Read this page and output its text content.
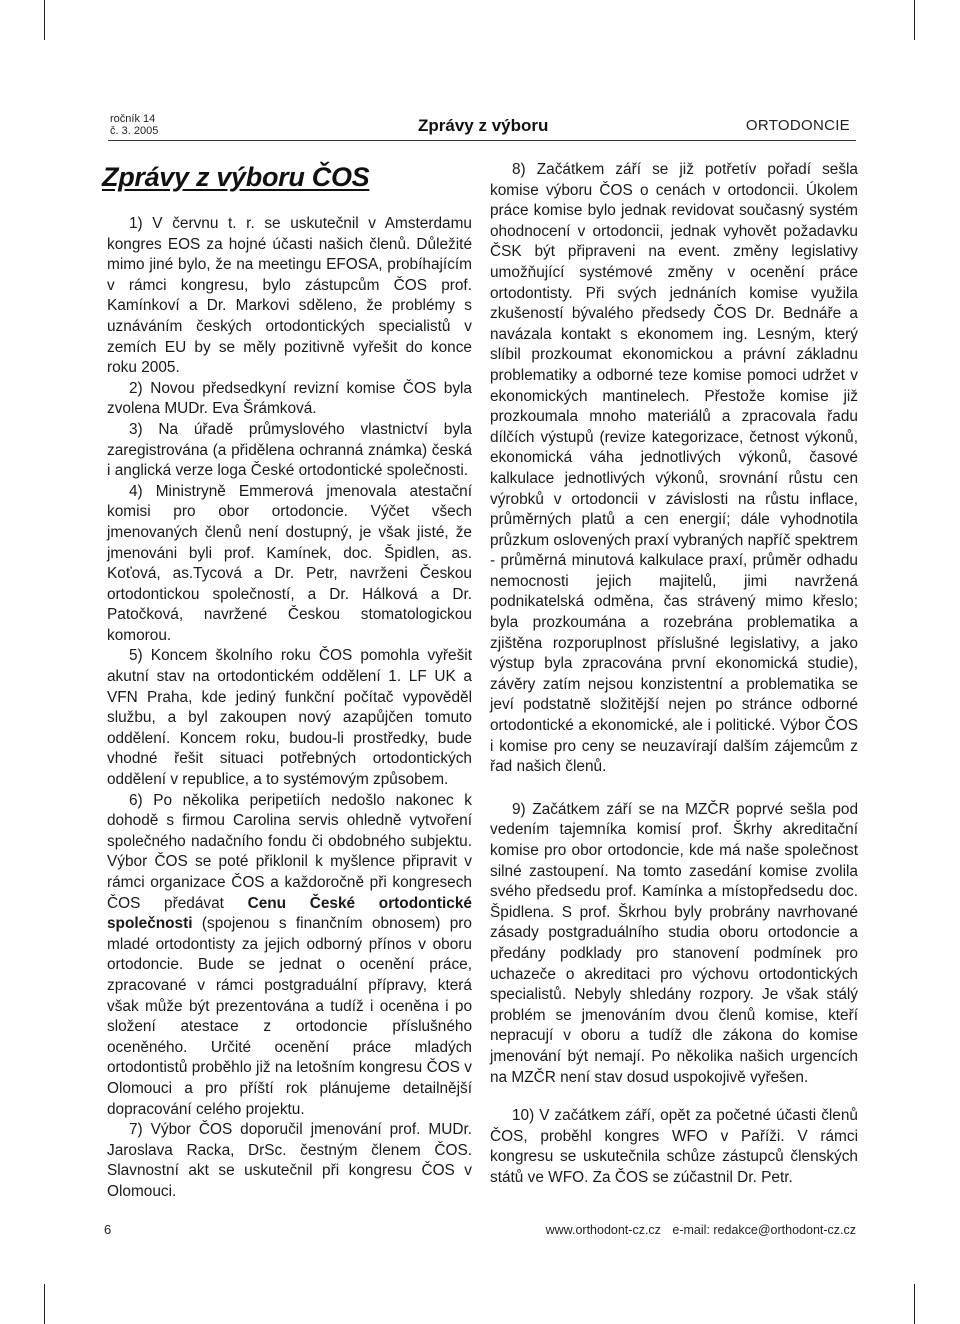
ročník 14
č. 3. 2005	Zprávy z výboru	ORTODONCIE
Zprávy z výboru ČOS

1) V červnu t. r. se uskutečnil v Amsterdamu kongres EOS za hojné účasti našich členů. Důležité mimo jiné bylo, že na meetingu EFOSA, probíhajícím v rámci kongresu, bylo zástupcům ČOS prof. Kamínkoví a Dr. Markovi sděleno, že problémy s uznáváním českých ortodontických specialistů v zemích EU by se měly pozitivně vyřešit do konce roku 2005.

2) Novou předsedkyní revizní komise ČOS byla zvolena MUDr. Eva Šrámková.

3) Na úřadě průmyslového vlastnictví byla zaregistrována (a přidělena ochranná známka) česká i anglická verze loga České ortodontické společnosti.

4) Ministryně Emmerová jmenovala atestační komisi pro obor ortodoncie. Výčet všech jmenovaných členů není dostupný, je však jisté, že jmenováni byli prof. Kamínek, doc. Špidlen, as. Koťová, as.Tycová a Dr. Petr, navrženi Českou ortodontickou společností, a Dr. Hálková a Dr. Patočková, navržené Českou stomatologickou komorou.

5) Koncem školního roku ČOS pomohla vyřešit akutní stav na ortodontickém oddělení 1. LF UK a VFN Praha, kde jediný funkční počítač vypověděl službu, a byl zakoupen nový azapůjčen tomuto oddělení. Koncem roku, budou-li prostředky, bude vhodné řešit situaci potřebných ortodontických oddělení v republice, a to systémovým způsobem.

6) Po několika peripetiích nedošlo nakonec k dohodě s firmou Carolina servis ohledně vytvoření společného nadačního fondu či obdobného subjektu. Výbor ČOS se poté přiklonil k myšlence připravit v rámci organizace ČOS a každoročně při kongresech ČOS předávat Cenu České ortodontické společnosti (spojenou s finančním obnosem) pro mladé ortodontisty za jejich odborný přínos v oboru ortodoncie. Bude se jednat o ocenění práce, zpracované v rámci postgraduální přípravy, která však může být prezentována a tudíž i oceněna i po složení atestace z ortodoncie příslušného oceněného. Určité ocenění práce mladých ortodontistů proběhlo již na letošním kongresu ČOS v Olomouci a pro příští rok plánujeme detailnější dopracování celého projektu.

7) Výbor ČOS doporučil jmenování prof. MUDr. Jaroslava Racka, DrSc. čestným členem ČOS. Slavnostní akt se uskutečnil při kongresu ČOS v Olomouci.

8) Začátkem září se již potřetív pořadí sešla komise výboru ČOS o cenách v ortodoncii. Úkolem práce komise bylo jednak revidovat současný systém ohodnocení v ortodoncii, jednak vyhovět požadavku ČSK být připraveni na event. změny legislativy umožňující systémové změny v ocenění práce ortodontisty. Při svých jednáních komise využila zkušeností bývalého předsedy ČOS Dr. Bednáře a navázala kontakt s ekonomem ing. Lesným, který slíbil prozkoumat ekonomickou a právní základnu problematiky a odborné teze komise pomoci udržet v ekonomických mantinelech. Přestože komise již prozkoumala mnoho materiálů a zpracovala řadu dílčích výstupů (revize kategorizace, četnost výkonů, ekonomická váha jednotlivých výkonů, časové kalkulace jednotlivých výkonů, srovnání růstu cen výrobků v ortodoncii v závislosti na růstu inflace, průměrných platů a cen energií; dále vyhodnotila průzkum oslovených praxí vybraných napříč spektrem - průměrná minutová kalkulace praxí, průměr odhadu nemocnosti jejich majitelů, jimi navržená podnikatelská odměna, čas strávený mimo křeslo; byla prozkoumána a rozebrána problematika a zjištěna rozporuplnost příslušné legislativy, a jako výstup byla zpracována první ekonomická studie), závěry zatím nejsou konzistentní a problematika se jeví podstatně složitější nejen po stránce odborné ortodontické a ekonomické, ale i politické. Výbor ČOS i komise pro ceny se neuzavírají dalším zájemcům z řad našich členů.

9) Začátkem září se na MZČR poprvé sešla pod vedením tajemníka komisí prof. Škrhy akreditační komise pro obor ortodoncie, kde má naše společnost silné zastoupení. Na tomto zasedání komise zvolila svého předsedu prof. Kamínka a místopředsedu doc. Špidlena. S prof. Škrhou byly probrány navrhované zásady postgraduálního studia oboru ortodoncie a předány podklady pro stanovení podmínek pro uchazeče o akreditaci pro výchovu ortodontických specialistů. Nebyly shledány rozpory. Je však stálý problém se jmenováním dvou členů komise, kteří nepracují v oboru a tudíž dle zákona do komise jmenování být nemají. Po několika našich urgencích na MZČR není stav dosud uspokojivě vyřešen.

10) V začátkem září, opět za početné účasti členů ČOS, proběhl kongres WFO v Paříži. V rámci kongresu se uskutečnila schůze zástupců členských států ve WFO. Za ČOS se zúčastnil Dr. Petr.

6	www.orthodont-cz.cz e-mail: redakce@orthodont-cz.cz
